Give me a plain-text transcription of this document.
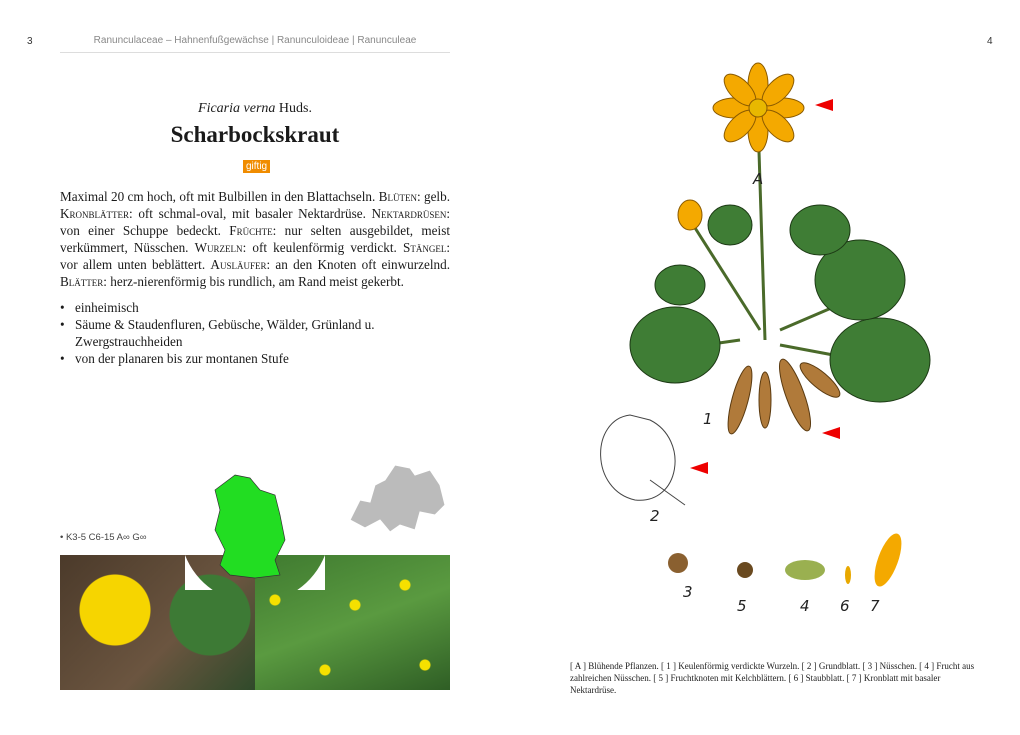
3	Ranunculaceae – Hahnenfußgewächse | Ranunculoideae | Ranunculeae	4
Ficaria verna Huds.
Scharbockskraut
giftig
Maximal 20 cm hoch, oft mit Bulbillen in den Blattachseln. Blüten: gelb. Kronblätter: oft schmal-oval, mit basaler Nektardrüse. Nektardrüsen: von einer Schuppe bedeckt. Früchte: nur selten ausgebildet, meist verkümmert, Nüsschen. Wurzeln: oft keulenförmig verdickt. Stängel: vor allem unten beblättert. Ausläufer: an den Knoten oft einwurzelnd. Blätter: herz-nierenförmig bis rundlich, am Rand meist gekerbt.
• einheimisch
• Säume & Staudenfluren, Gebüsche, Wälder, Grünland u. Zwergstrauchheiden
• von der planaren bis zur montanen Stufe
• K3-5 C6-15 A∞ G∞
A
1
2
3
5	4 6 7
[ A ] Blühende Pflanzen. [ 1 ] Keulenförmig verdickte Wurzeln. [ 2 ] Grundblatt. [ 3 ] Nüsschen. [ 4 ] Frucht aus zahlreichen Nüsschen. [ 5 ] Fruchtknoten mit Kelchblättern. [ 6 ] Staubblatt. [ 7 ] Kronblatt mit basaler Nektardrüse.
